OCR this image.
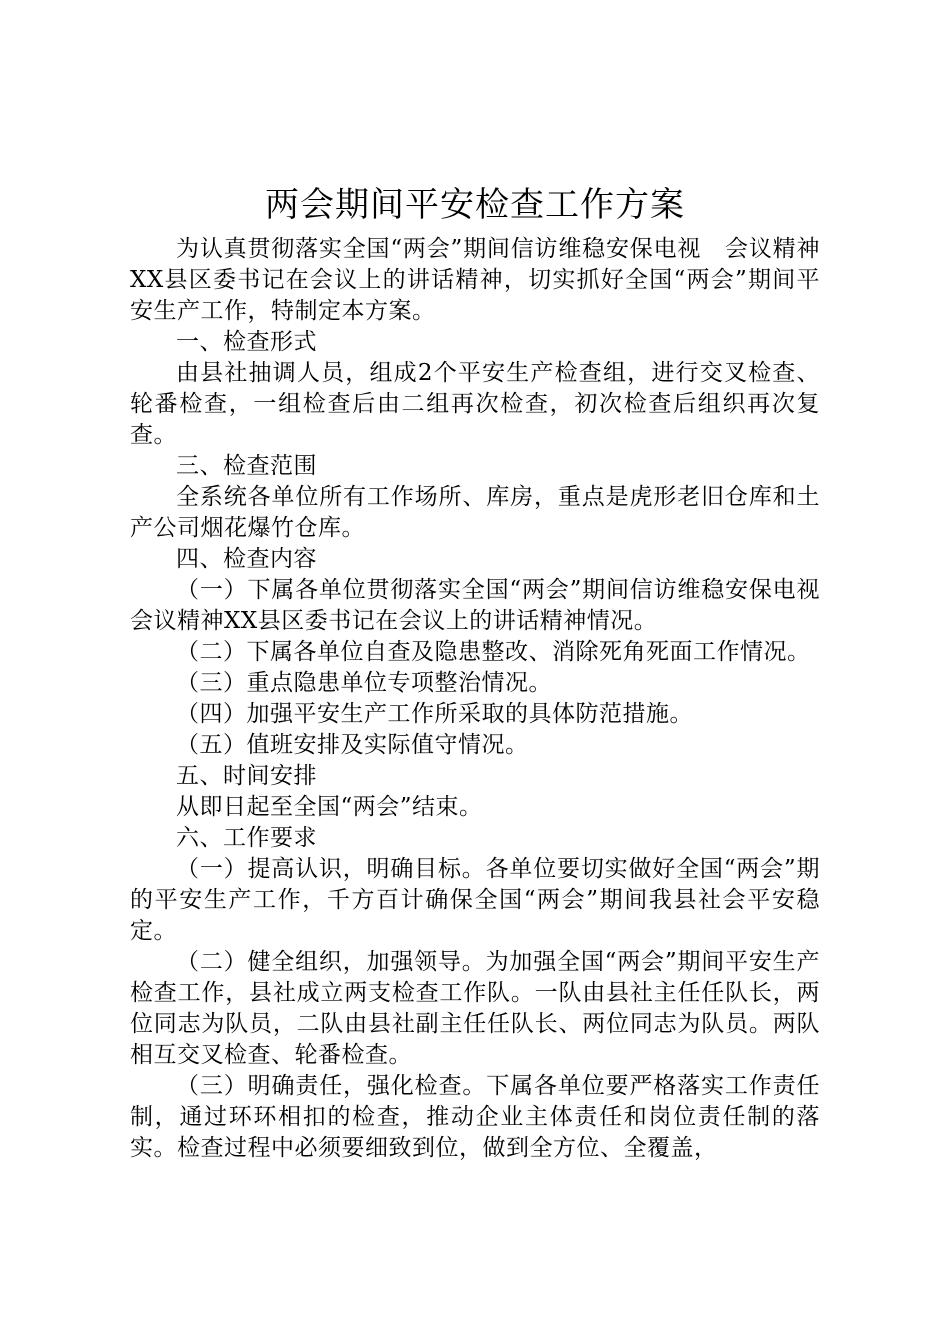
两会期间平安检查工作方案

为认真贯彻落实全国“两会”期间信访维稳安保电视　会议精神XX县区委书记在会议上的讲话精神，切实抓好全国“两会”期间平安生产工作，特制定本方案。

一、检查形式

由县社抽调人员，组成2个平安生产检查组，进行交叉检查、轮番检查，一组检查后由二组再次检查，初次检查后组织再次复查。

三、检查范围

全系统各单位所有工作场所、库房，重点是虎形老旧仓库和土产公司烟花爆竹仓库。

四、检查内容

（一）下属各单位贯彻落实全国“两会”期间信访维稳安保电视　会议精神XX县区委书记在会议上的讲话精神情况。

（二）下属各单位自查及隐患整改、消除死角死面工作情况。

（三）重点隐患单位专项整治情况。

（四）加强平安生产工作所采取的具体防范措施。

（五）值班安排及实际值守情况。

五、时间安排

从即日起至全国“两会”结束。

六、工作要求

（一）提高认识，明确目标。各单位要切实做好全国“两会”期的平安生产工作，千方百计确保全国“两会”期间我县社会平安稳定。

（二）健全组织，加强领导。为加强全国“两会”期间平安生产检查工作，县社成立两支检查工作队。一队由县社主任任队长，两位同志为队员，二队由县社副主任任队长、两位同志为队员。两队相互交叉检查、轮番检查。

（三）明确责任，强化检查。下属各单位要严格落实工作责任制，通过环环相扣的检查，推动企业主体责任和岗位责任制的落实。检查过程中必须要细致到位，做到全方位、全覆盖，
